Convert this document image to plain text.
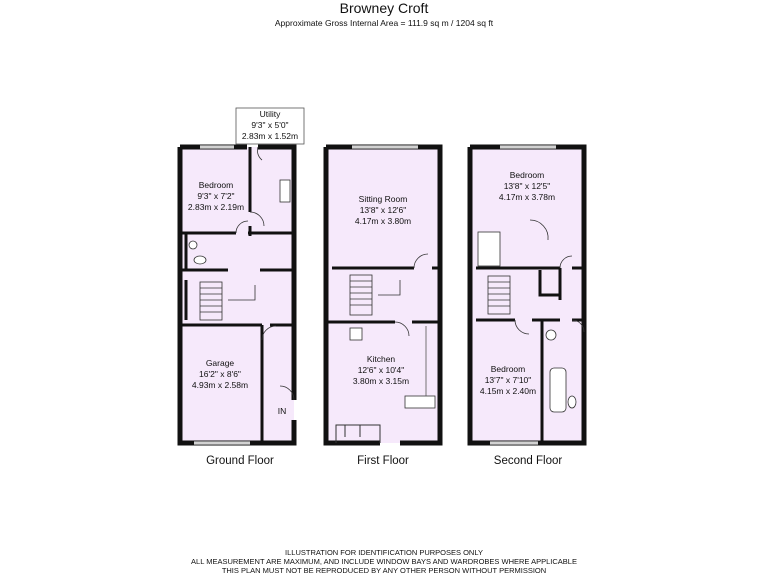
Browney Croft
Approximate Gross Internal Area = 111.9 sq m / 1204 sq ft
Utility
9'3" x 5'0"
2.83m x 1.52m
Bedroom
9'3" x 7'2"
2.83m x 2.19m
Garage
16'2" x 8'6"
4.93m x 2.58m
IN
Sitting Room
13'8" x 12'6"
4.17m x 3.80m
Kitchen
12'6" x 10'4"
3.80m x 3.15m
Bedroom
13'8" x 12'5"
4.17m x 3.78m
Bedroom
13'7" x 7'10"
4.15m x 2.40m
Ground Floor	First Floor	Second Floor
ILLUSTRATION FOR IDENTIFICATION PURPOSES ONLY
ALL MEASUREMENT ARE MAXIMUM, AND INCLUDE WINDOW BAYS AND WARDROBES WHERE APPLICABLE
THIS PLAN MUST NOT BE REPRODUCED BY ANY OTHER PERSON WITHOUT PERMISSION
